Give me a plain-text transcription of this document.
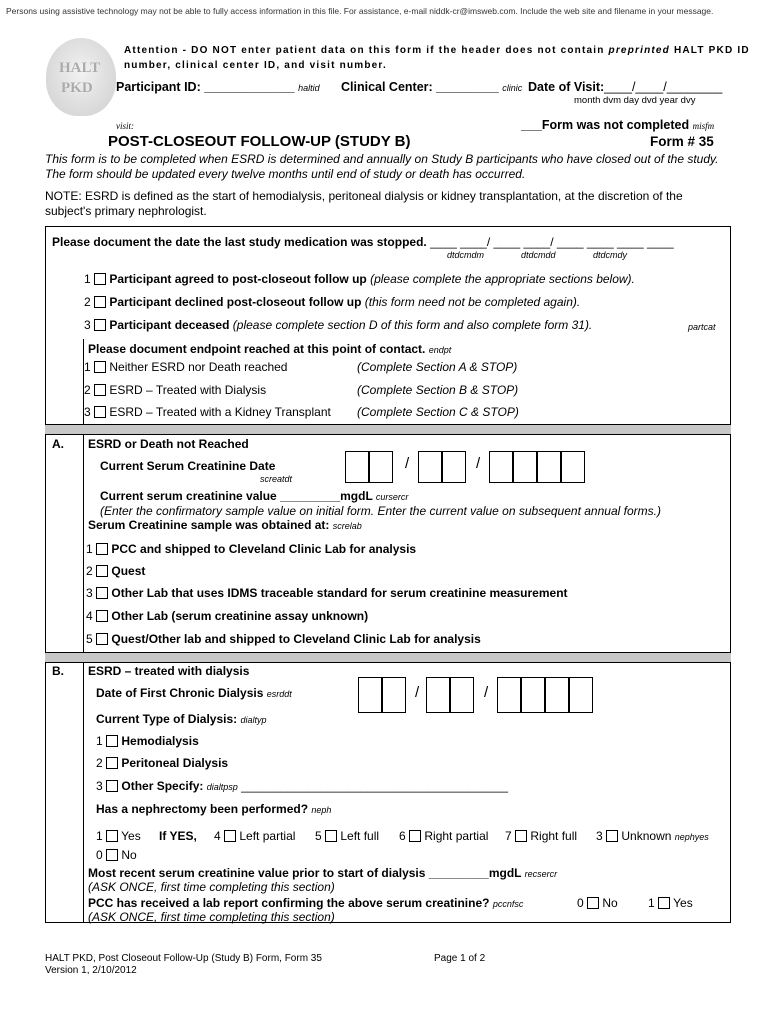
Persons using assistive technology may not be able to fully access information in this file. For assistance, e-mail niddk-cr@imsweb.com. Include the web site and filename in your message.
HALT
PKD
Attention - DO NOT enter patient data on this form if the header does not contain preprinted HALT PKD ID
number, clinical center ID, and visit number.
Participant ID: _____________ haltid Clinical Center: _________ clinic Date of Visit:____/____/________
month dvm day dvd year dvy
visit:	___Form was not completed misfm
POST-CLOSEOUT FOLLOW-UP (STUDY B)	Form # 35
This form is to be completed when ESRD is determined and annually on Study B participants who have closed out of the study. The form should be updated every twelve months until end of study or death has occurred.
NOTE: ESRD is defined as the start of hemodialysis, peritoneal dialysis or kidney transplantation, at the discretion of the subject's primary nephrologist.
Please document the date the last study medication was stopped. ____ ____/ ____ ____/ ____ ____ ____ ____
dtdcmdm	dtdcmdd	dtdcmdy
1 Participant agreed to post-closeout follow up (please complete the appropriate sections below).
2 Participant declined post-closeout follow up (this form need not be completed again).
3 Participant deceased (please complete section D of this form and also complete form 31).	partcat
Please document endpoint reached at this point of contact. endpt
1 Neither ESRD nor Death reached	(Complete Section A & STOP)
2 ESRD – Treated with Dialysis	(Complete Section B & STOP)
3 ESRD – Treated with a Kidney Transplant (Complete Section C & STOP)
A. ESRD or Death not Reached
Current Serum Creatinine Date
screatdt
/	/
Current serum creatinine value _________mgdL cursercr
(Enter the confirmatory sample value on initial form. Enter the current value on subsequent annual forms.)
Serum Creatinine sample was obtained at: screlab
1 PCC and shipped to Cleveland Clinic Lab for analysis
2 Quest
3 Other Lab that uses IDMS traceable standard for serum creatinine measurement
4 Other Lab (serum creatinine assay unknown)
5 Quest/Other lab and shipped to Cleveland Clinic Lab for analysis
B. ESRD – treated with dialysis
Date of First Chronic Dialysis esrddt	/	/
Current Type of Dialysis: dialtyp
1 Hemodialysis
2 Peritoneal Dialysis
3 Other Specify: dialtpsp ________________________________________
Has a nephrectomy been performed? neph
1  Yes If YES, 4 Left partial 5 Left full 6 Right partial 7 Right full 3 Unknown nephyes
0  No
Most recent serum creatinine value prior to start of dialysis _________mgdL recsercr
(ASK ONCE, first time completing this section)
PCC has received a lab report confirming the above serum creatinine? pccnfsc	0  No	1  Yes
(ASK ONCE, first time completing this section)
HALT PKD, Post Closeout Follow-Up (Study B) Form, Form 35
Version 1, 2/10/2012
Page 1 of 2
